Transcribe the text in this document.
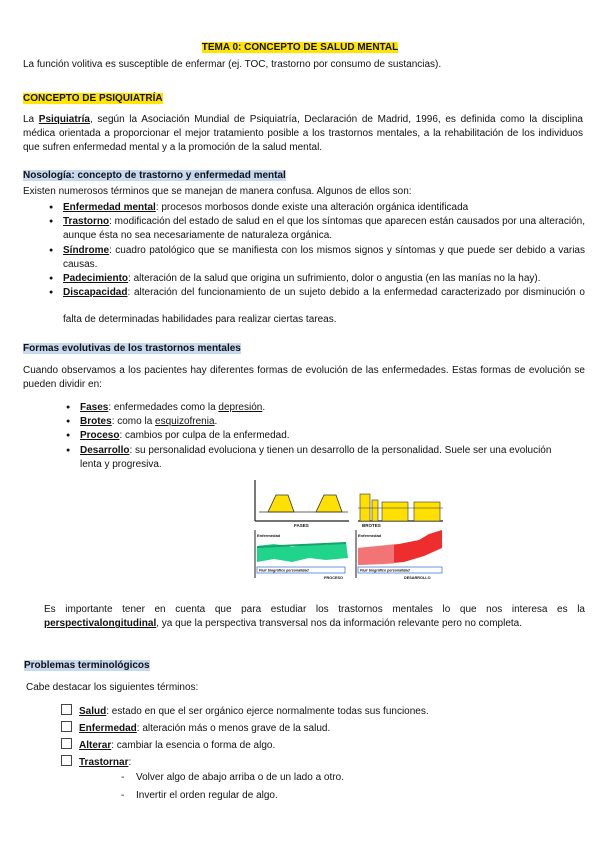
TEMA 0: CONCEPTO DE SALUD MENTAL

La función volitiva es susceptible de enfermar (ej. TOC, trastorno por consumo de sustancias).

CONCEPTO DE PSIQUIATRÍA

La Psiquiatría, según la Asociación Mundial de Psiquiatría, Declaración de Madrid, 1996, es definida como la disciplina

médica orientada a proporcionar el mejor tratamiento posible a los trastornos mentales, a la rehabilitación de los individuos

que sufren enfermedad mental y a la promoción de la salud mental.

Nosología: concepto de trastorno y enfermedad mental

Existen numerosos términos que se manejan de manera confusa. Algunos de ellos son:

● Enfermedad mental: procesos morbosos donde existe una alteración orgánica identificada
● Trastorno: modificación del estado de salud en el que los síntomas que aparecen están causados por una alteración,
aunque ésta no sea necesariamente de naturaleza orgánica.
● Síndrome: cuadro patológico que se manifiesta con los mismos signos y síntomas y que puede ser debido a varias
causas.
● Padecimiento: alteración de la salud que origina un sufrimiento, dolor o angustia (en las manías no la hay).
● Discapacidad: alteración del funcionamiento de un sujeto debido a la enfermedad caracterizado por disminución o

falta de determinadas habilidades para realizar ciertas tareas.

Formas evolutivas de los trastornos mentales

Cuando observamos a los pacientes hay diferentes formas de evolución de las enfermedades. Estas formas de evolución se

pueden dividir en:

● Fases: enfermedades como la depresión.
● Brotes: como la esquizofrenia.
● Proceso: cambios por culpa de la enfermedad.
● Desarrollo: su personalidad evoluciona y tienen un desarrollo de la personalidad. Suele ser una evolución
lenta y progresiva.
FASES	BROTES
Enfermedad
Fluir biográfico personalidad
PROCESO
Enfermedad
Fluir biográfico personalidad
DESARROLLO

Es importante tener en cuenta que para estudiar los trastornos mentales lo que nos interesa es la

perspectivalongitudinal, ya que la perspectiva transversal nos da información relevante pero no completa.

Problemas terminológicos

Cabe destacar los siguientes términos:

Salud: estado en que el ser orgánico ejerce normalmente todas sus funciones.
Enfermedad: alteración más o menos grave de la salud.
Alterar: cambiar la esencia o forma de algo.
Trastornar:
- Volver algo de abajo arriba o de un lado a otro.
- Invertir el orden regular de algo.
